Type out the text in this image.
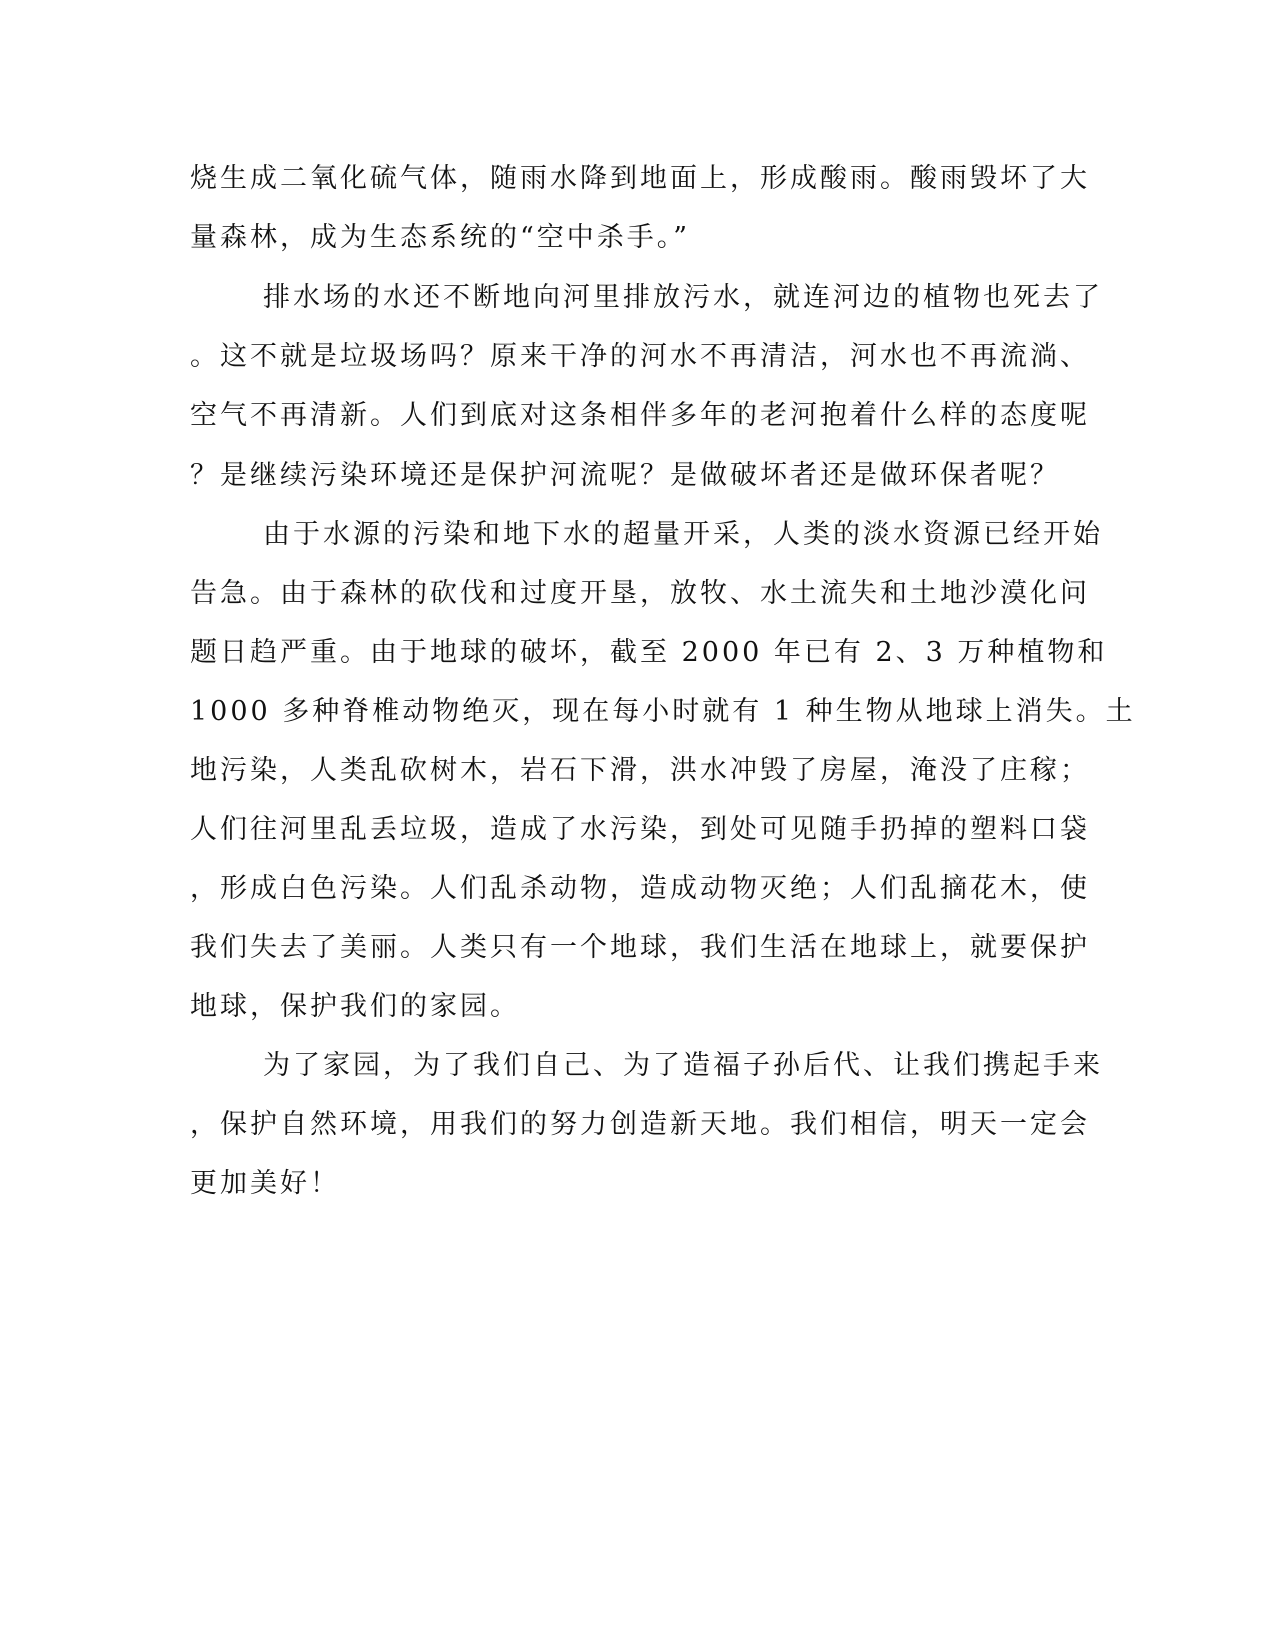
烧生成二氧化硫气体，随雨水降到地面上，形成酸雨。酸雨毁坏了大

量森林，成为生态系统的“空中杀手。”

排水场的水还不断地向河里排放污水，就连河边的植物也死去了

。这不就是垃圾场吗？原来干净的河水不再清洁，河水也不再流淌、

空气不再清新。人们到底对这条相伴多年的老河抱着什么样的态度呢

？是继续污染环境还是保护河流呢？是做破坏者还是做环保者呢？

由于水源的污染和地下水的超量开采，人类的淡水资源已经开始

告急。由于森林的砍伐和过度开垦，放牧、水土流失和土地沙漠化问

题日趋严重。由于地球的破坏，截至 2000 年已有 2、3 万种植物和

1000 多种脊椎动物绝灭，现在每小时就有 1 种生物从地球上消失。土

地污染，人类乱砍树木，岩石下滑，洪水冲毁了房屋，淹没了庄稼；

人们往河里乱丢垃圾，造成了水污染，到处可见随手扔掉的塑料口袋

，形成白色污染。人们乱杀动物，造成动物灭绝；人们乱摘花木，使

我们失去了美丽。人类只有一个地球，我们生活在地球上，就要保护

地球，保护我们的家园。

为了家园，为了我们自己、为了造福子孙后代、让我们携起手来

，保护自然环境，用我们的努力创造新天地。我们相信，明天一定会

更加美好！
